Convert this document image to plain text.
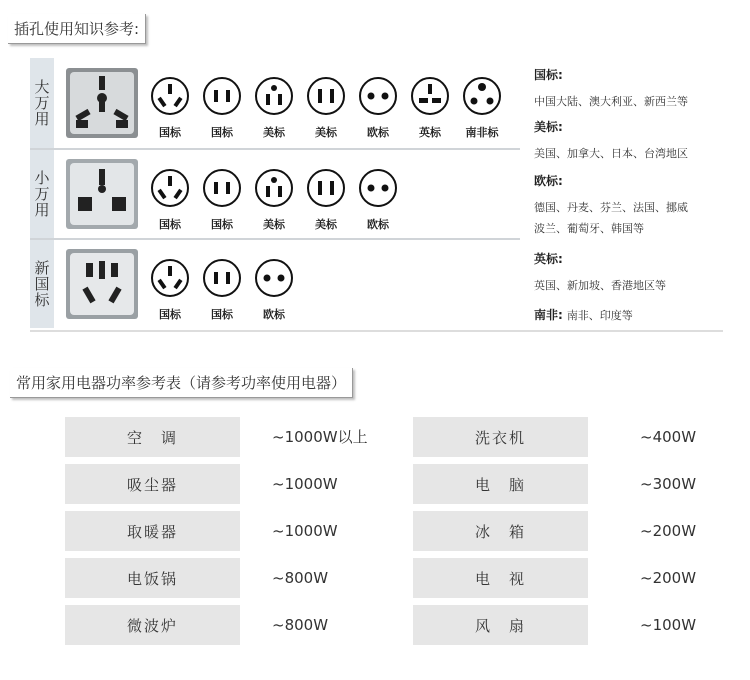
插孔使用知识参考:
大万用
国标	国标	美标	美标	欧标	英标	南非标
小万用
国标	国标	美标	美标	欧标
新国标
国标	国标	欧标
国标:
中国大陆、澳大利亚、新西兰等
美标:
美国、加拿大、日本、台湾地区
欧标:
德国、丹麦、芬兰、法国、挪威
波兰、葡萄牙、韩国等
英标:
英国、新加坡、香港地区等
南非: 南非、印度等
常用家用电器功率参考表（请参考功率使用电器）
空　调	~1000W以上	洗衣机	~400W
吸尘器	~1000W	电　脑	~300W
取暖器	~1000W	冰　箱	~200W
电饭锅	~800W	电　视	~200W
微波炉	~800W	风　扇	~100W
